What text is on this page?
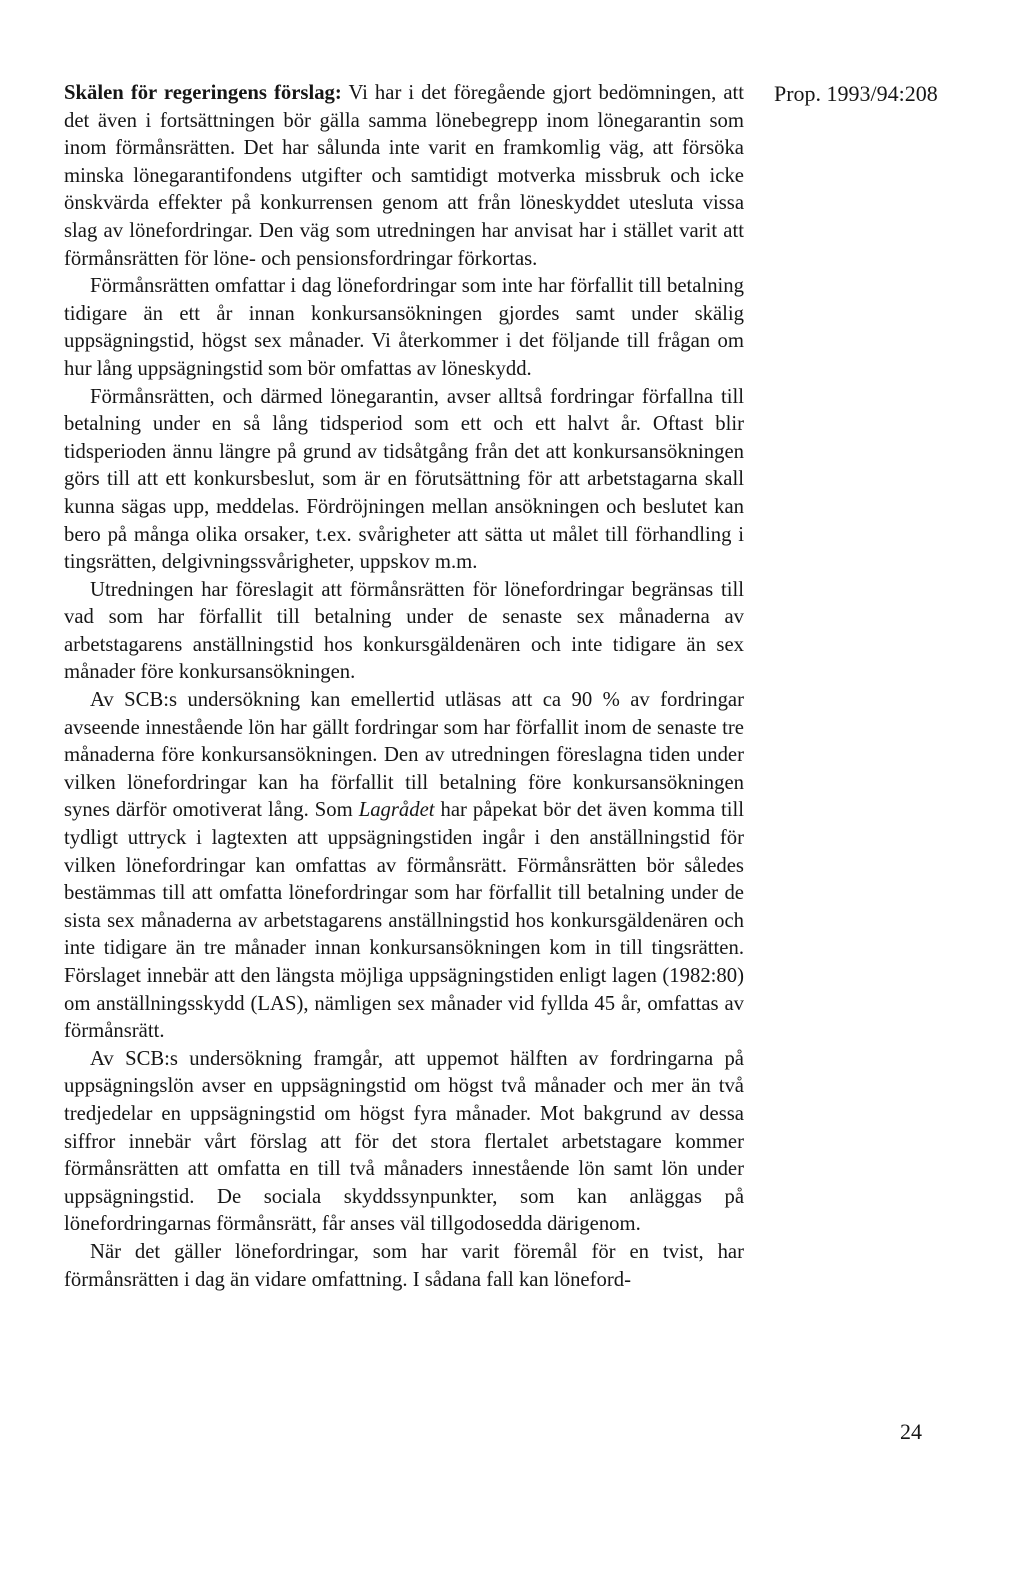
Prop. 1993/94:208

Skälen för regeringens förslag: Vi har i det föregående gjort bedömningen, att det även i fortsättningen bör gälla samma lönebegrepp inom lönegarantin som inom förmånsrätten. Det har sålunda inte varit en framkomlig väg, att försöka minska lönegarantifondens utgifter och samtidigt motverka missbruk och icke önskvärda effekter på konkurrensen genom att från löneskyddet utesluta vissa slag av lönefordringar. Den väg som utredningen har anvisat har i stället varit att förmånsrätten för löne- och pensionsfordringar förkortas.

Förmånsrätten omfattar i dag lönefordringar som inte har förfallit till betalning tidigare än ett år innan konkursansökningen gjordes samt under skälig uppsägningstid, högst sex månader. Vi återkommer i det följande till frågan om hur lång uppsägningstid som bör omfattas av löneskydd.

Förmånsrätten, och därmed lönegarantin, avser alltså fordringar förfallna till betalning under en så lång tidsperiod som ett och ett halvt år. Oftast blir tidsperioden ännu längre på grund av tidsåtgång från det att konkursansökningen görs till att ett konkursbeslut, som är en förutsättning för att arbetstagarna skall kunna sägas upp, meddelas. Fördröjningen mellan ansökningen och beslutet kan bero på många olika orsaker, t.ex. svårigheter att sätta ut målet till förhandling i tingsrätten, delgivningssvårigheter, uppskov m.m.

Utredningen har föreslagit att förmånsrätten för lönefordringar begränsas till vad som har förfallit till betalning under de senaste sex månaderna av arbetstagarens anställningstid hos konkursgäldenären och inte tidigare än sex månader före konkursansökningen.

Av SCB:s undersökning kan emellertid utläsas att ca 90 % av fordringar avseende innestående lön har gällt fordringar som har förfallit inom de senaste tre månaderna före konkursansökningen. Den av utredningen föreslagna tiden under vilken lönefordringar kan ha förfallit till betalning före konkursansökningen synes därför omotiverat lång. Som Lagrådet har påpekat bör det även komma till tydligt uttryck i lagtexten att uppsägningstiden ingår i den anställningstid för vilken lönefordringar kan omfattas av förmånsrätt. Förmånsrätten bör således bestämmas till att omfatta lönefordringar som har förfallit till betalning under de sista sex månaderna av arbetstagarens anställningstid hos konkursgäldenären och inte tidigare än tre månader innan konkursansökningen kom in till tingsrätten. Förslaget innebär att den längsta möjliga uppsägningstiden enligt lagen (1982:80) om anställningsskydd (LAS), nämligen sex månader vid fyllda 45 år, omfattas av förmånsrätt.

Av SCB:s undersökning framgår, att uppemot hälften av fordringarna på uppsägningslön avser en uppsägningstid om högst två månader och mer än två tredjedelar en uppsägningstid om högst fyra månader. Mot bakgrund av dessa siffror innebär vårt förslag att för det stora flertalet arbetstagare kommer förmånsrätten att omfatta en till två månaders innestående lön samt lön under uppsägningstid. De sociala skyddssynpunkter, som kan anläggas på lönefordringarnas förmånsrätt, får anses väl tillgodosedda därigenom.

När det gäller lönefordringar, som har varit föremål för en tvist, har förmånsrätten i dag än vidare omfattning. I sådana fall kan löneford-

24
